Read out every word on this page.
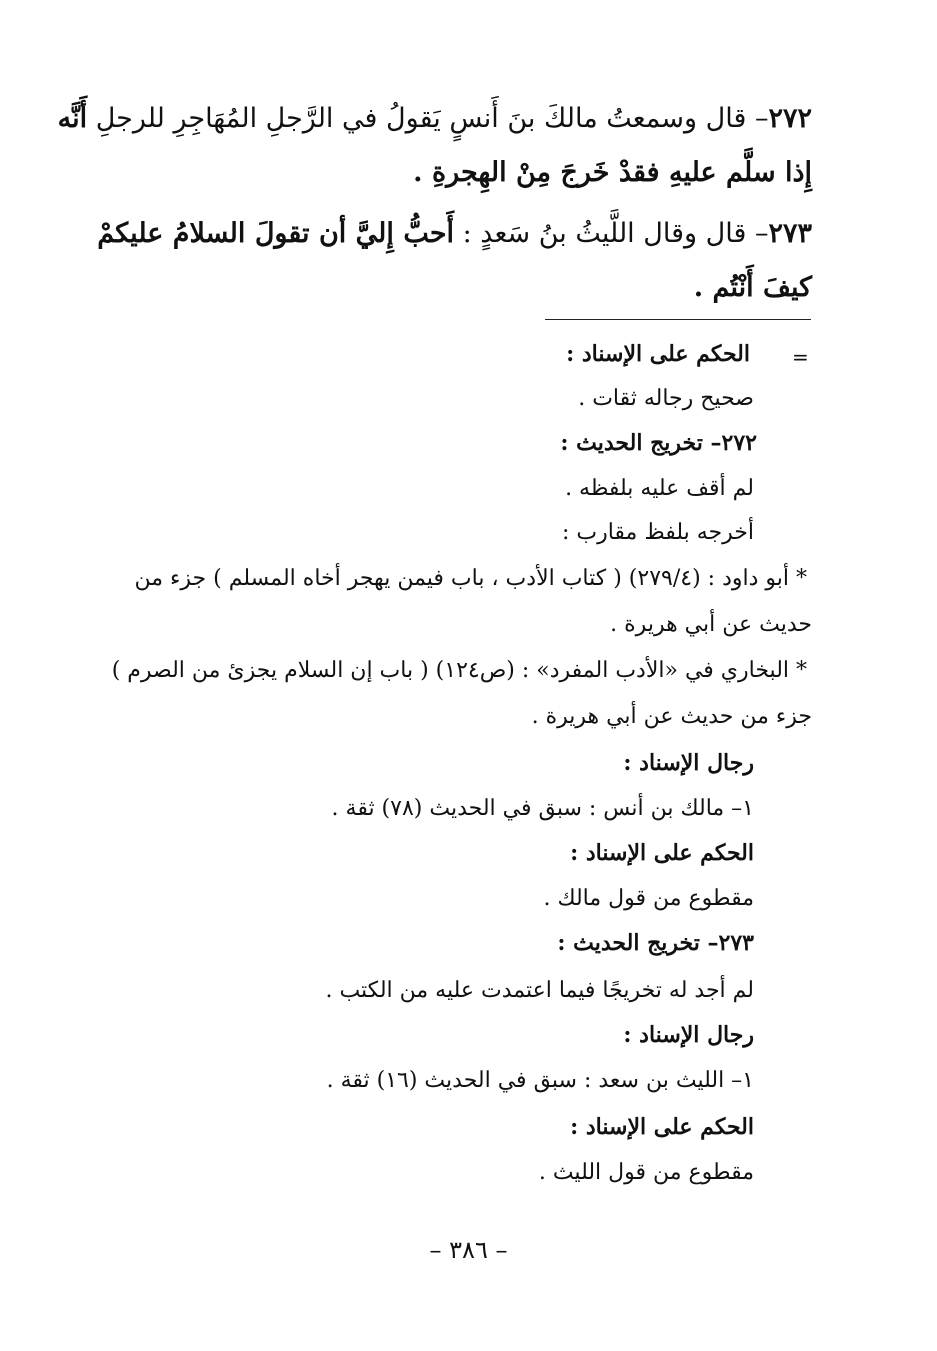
٢٧٢– قال وسمعتُ مالكَ بنَ أَنسٍ يَقولُ في الرَّجلِ المُهَاجِرِ للرجلِ أَنَّه

إِذا سلَّم عليهِ فقدْ خَرجَ مِنْ الهِجرةِ .

٢٧٣– قال وقال اللَّيثُ بنُ سَعدٍ : أَحبُّ إِليَّ أن تقولَ السلامُ عليكمْ

كيفَ أَنْتُم .

=

الحكم على الإسناد :

صحيح رجاله ثقات .

٢٧٢– تخريج الحديث :

لم أقف عليه بلفظه .

أخرجه بلفظ مقارب :

* أبو داود : (٢٧٩/٤) ( كتاب الأدب ، باب فيمن يهجر أخاه المسلم ) جزء من

حديث عن أبي هريرة .

* البخاري في «الأدب المفرد» : (ص١٢٤) ( باب إن السلام يجزئ من الصرم )

جزء من حديث عن أبي هريرة .

رجال الإسناد :

١– مالك بن أنس : سبق في الحديث (٧٨) ثقة .

الحكم على الإسناد :

مقطوع من قول مالك .

٢٧٣– تخريج الحديث :

لم أجد له تخريجًا فيما اعتمدت عليه من الكتب .

رجال الإسناد :

١– الليث بن سعد : سبق في الحديث (١٦) ثقة .

الحكم على الإسناد :

مقطوع من قول الليث .

– ٣٨٦ –
